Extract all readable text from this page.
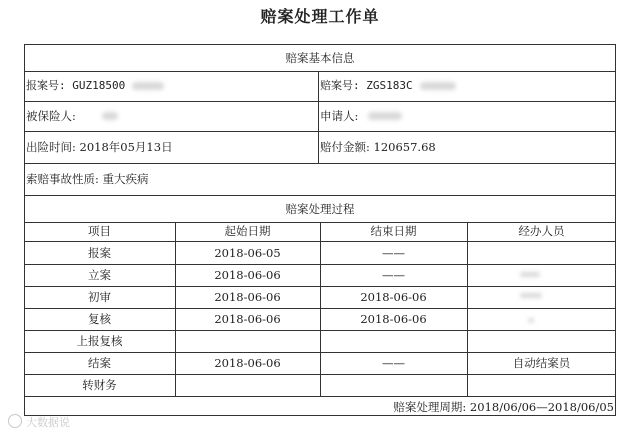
赔案处理工作单
赔案基本信息
报案号: GUZ18500	赔案号: ZGS183C
被保险人:	申请人:
出险时间: 2018年05月13日	赔付金额: 120657.68
索赔事故性质: 重大疾病
赔案处理过程
项目	起始日期	结束日期	经办人员
报案	2018-06-05	——
立案	2018-06-06	——
初审	2018-06-06	2018-06-06
复核	2018-06-06	2018-06-06
上报复核
结案	2018-06-06	——	自动结案员
转财务
赔案处理周期: 2018/06/06—2018/06/05
大数据说
